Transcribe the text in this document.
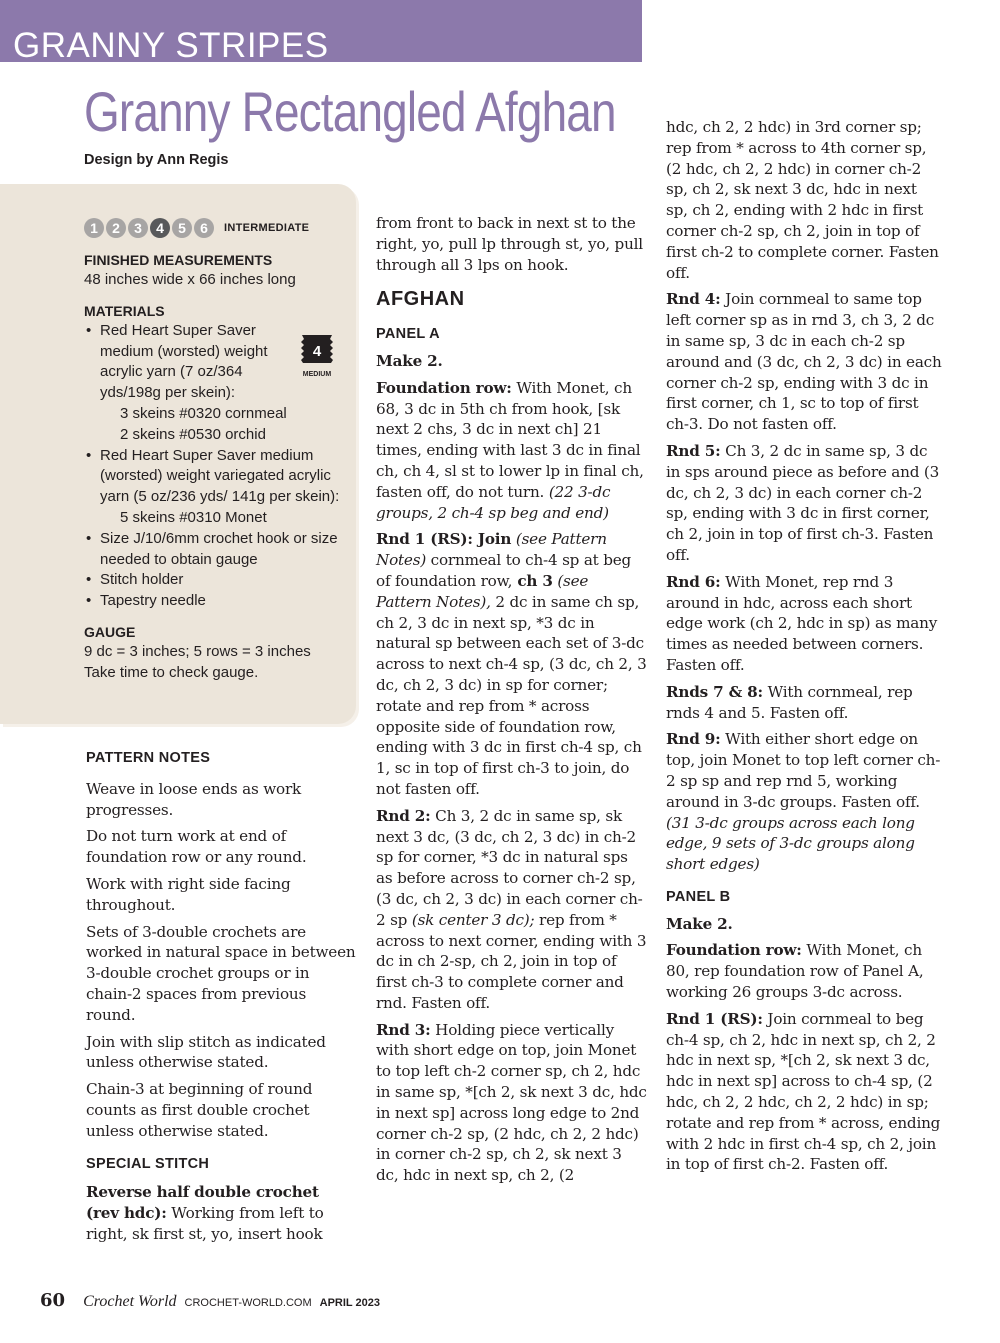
GRANNY STRIPES
Granny Rectangled Afghan
Design by Ann Regis
1	2	3	4	5	6	INTERMEDIATE
FINISHED MEASUREMENTS
48 inches wide x 66 inches long
MATERIALS
• Red Heart Super Saver medium (worsted) weight acrylic yarn (7 oz/364 yds/198g per skein):
3 skeins #0320 cornmeal
2 skeins #0530 orchid
• Red Heart Super Saver medium (worsted) weight variegated acrylic yarn (5 oz/236 yds/ 141g per skein):
5 skeins #0310 Monet
• Size J/10/6mm crochet hook or size needed to obtain gauge
• Stitch holder
• Tapestry needle
GAUGE
9 dc = 3 inches; 5 rows = 3 inches
Take time to check gauge.
4
MEDIUM

PATTERN NOTES

Weave in loose ends as work progresses.

Do not turn work at end of foundation row or any round.

Work with right side facing throughout.

Sets of 3-double crochets are worked in natural space in between 3-double crochet groups or in chain-2 spaces from previous round.

Join with slip stitch as indicated unless otherwise stated.

Chain-3 at beginning of round counts as first double crochet unless otherwise stated.

SPECIAL STITCH

Reverse half double crochet (rev hdc): Working from left to right, sk first st, yo, insert hook

from front to back in next st to the right, yo, pull lp through st, yo, pull through all 3 lps on hook.

AFGHAN

PANEL A

Make 2.

Foundation row: With Monet, ch 68, 3 dc in 5th ch from hook, [sk next 2 chs, 3 dc in next ch] 21 times, ending with last 3 dc in final ch, ch 4, sl st to lower lp in final ch, fasten off, do not turn. (22 3-dc groups, 2 ch-4 sp beg and end)

Rnd 1 (RS): Join (see Pattern Notes) cornmeal to ch-4 sp at beg of foundation row, ch 3 (see Pattern Notes), 2 dc in same ch sp, ch 2, 3 dc in next sp, *3 dc in natural sp between each set of 3-dc across to next ch-4 sp, (3 dc, ch 2, 3 dc, ch 2, 3 dc) in sp for corner; rotate and rep from * across opposite side of foundation row, ending with 3 dc in first ch-4 sp, ch 1, sc in top of first ch-3 to join, do not fasten off.

Rnd 2: Ch 3, 2 dc in same sp, sk next 3 dc, (3 dc, ch 2, 3 dc) in ch-2 sp for corner, *3 dc in natural sps as before across to corner ch-2 sp, (3 dc, ch 2, 3 dc) in each corner ch-2 sp (sk center 3 dc); rep from * across to next corner, ending with 3 dc in ch 2-sp, ch 2, join in top of first ch-3 to complete corner and rnd. Fasten off.

Rnd 3: Holding piece vertically with short edge on top, join Monet to top left ch-2 corner sp, ch 2, hdc in same sp, *[ch 2, sk next 3 dc, hdc in next sp] across long edge to 2nd corner ch-2 sp, (2 hdc, ch 2, 2 hdc) in corner ch-2 sp, ch 2, sk next 3 dc, hdc in next sp, ch 2, (2

hdc, ch 2, 2 hdc) in 3rd corner sp; rep from * across to 4th corner sp, (2 hdc, ch 2, 2 hdc) in corner ch-2 sp, ch 2, sk next 3 dc, hdc in next sp, ch 2, ending with 2 hdc in first corner ch-2 sp, ch 2, join in top of first ch-2 to complete corner. Fasten off.

Rnd 4: Join cornmeal to same top left corner sp as in rnd 3, ch 3, 2 dc in same sp, 3 dc in each ch-2 sp around and (3 dc, ch 2, 3 dc) in each corner ch-2 sp, ending with 3 dc in first corner, ch 1, sc to top of first ch-3. Do not fasten off.

Rnd 5: Ch 3, 2 dc in same sp, 3 dc in sps around piece as before and (3 dc, ch 2, 3 dc) in each corner ch-2 sp, ending with 3 dc in first corner, ch 2, join in top of first ch-3. Fasten off.

Rnd 6: With Monet, rep rnd 3 around in hdc, across each short edge work (ch 2, hdc in sp) as many times as needed between corners. Fasten off.

Rnds 7 & 8: With cornmeal, rep rnds 4 and 5. Fasten off.

Rnd 9: With either short edge on top, join Monet to top left corner ch-2 sp sp and rep rnd 5, working around in 3-dc groups. Fasten off. (31 3-dc groups across each long edge, 9 sets of 3-dc groups along short edges)

PANEL B

Make 2.

Foundation row: With Monet, ch 80, rep foundation row of Panel A, working 26 groups 3-dc across.

Rnd 1 (RS): Join cornmeal to beg ch-4 sp, ch 2, hdc in next sp, ch 2, 2 hdc in next sp, *[ch 2, sk next 3 dc, hdc in next sp] across to ch-4 sp, (2 hdc, ch 2, 2 hdc, ch 2, 2 hdc) in sp; rotate and rep from * across, ending with 2 hdc in first ch-4 sp, ch 2, join in top of first ch-2. Fasten off.

60 Crochet World CROCHET-WORLD.COM APRIL 2023
